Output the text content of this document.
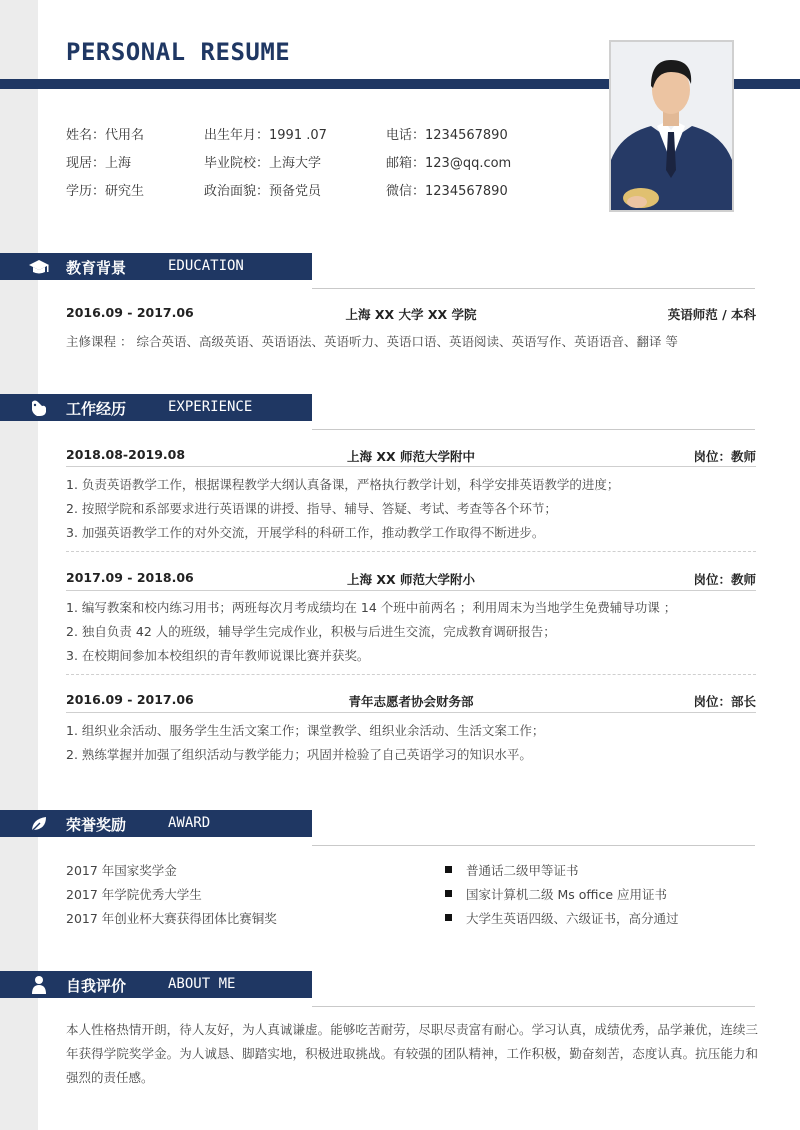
PERSONAL RESUME
姓名：代用名	出生年月：1991 .07	电话：1234567890
现居：上海	毕业院校：上海大学	邮箱：123@qq.com
学历：研究生	政治面貌：预备党员	微信：1234567890
教育背景	EDUCATION
2016.09 - 2017.06	上海 XX 大学 XX 学院	英语师范 / 本科
主修课程 ： 综合英语、高级英语、英语语法、英语听力、英语口语、英语阅读、英语写作、英语语音、翻译 等
工作经历	EXPERIENCE
2018.08-2019.08	上海 XX 师范大学附中	岗位：教师
1. 负责英语教学工作，根据课程教学大纲认真备课，严格执行教学计划，科学安排英语教学的进度；
2. 按照学院和系部要求进行英语课的讲授、指导、辅导、答疑、考试、考查等各个环节；
3. 加强英语教学工作的对外交流，开展学科的科研工作，推动教学工作取得不断进步。
2017.09 - 2018.06	上海 XX 师范大学附小	岗位：教师
1. 编写教案和校内练习用书；两班每次月考成绩均在 14 个班中前两名 ；利用周末为当地学生免费辅导功课 ；
2. 独自负责 42 人的班级，辅导学生完成作业，积极与后进生交流，完成教育调研报告；
3. 在校期间参加本校组织的青年教师说课比赛并获奖。
2016.09 - 2017.06	青年志愿者协会财务部	岗位：部长
1. 组织业余活动、服务学生生活文案工作；课堂教学、组织业余活动、生活文案工作；
2. 熟练掌握并加强了组织活动与教学能力；巩固并检验了自己英语学习的知识水平。
荣誉奖励	AWARD
2017 年国家奖学金
2017 年学院优秀大学生
2017 年创业杯大赛获得团体比赛铜奖
普通话二级甲等证书
国家计算机二级 Ms office 应用证书
大学生英语四级、六级证书，高分通过
自我评价	ABOUT ME
本人性格热情开朗，待人友好，为人真诚谦虚。能够吃苦耐劳，尽职尽责富有耐心。学习认真，成绩优秀，品学兼优，连续三年获得学院奖学金。为人诚恳、脚踏实地，积极进取挑战。有较强的团队精神，工作积极，勤奋刻苦，态度认真。抗压能力和强烈的责任感。
